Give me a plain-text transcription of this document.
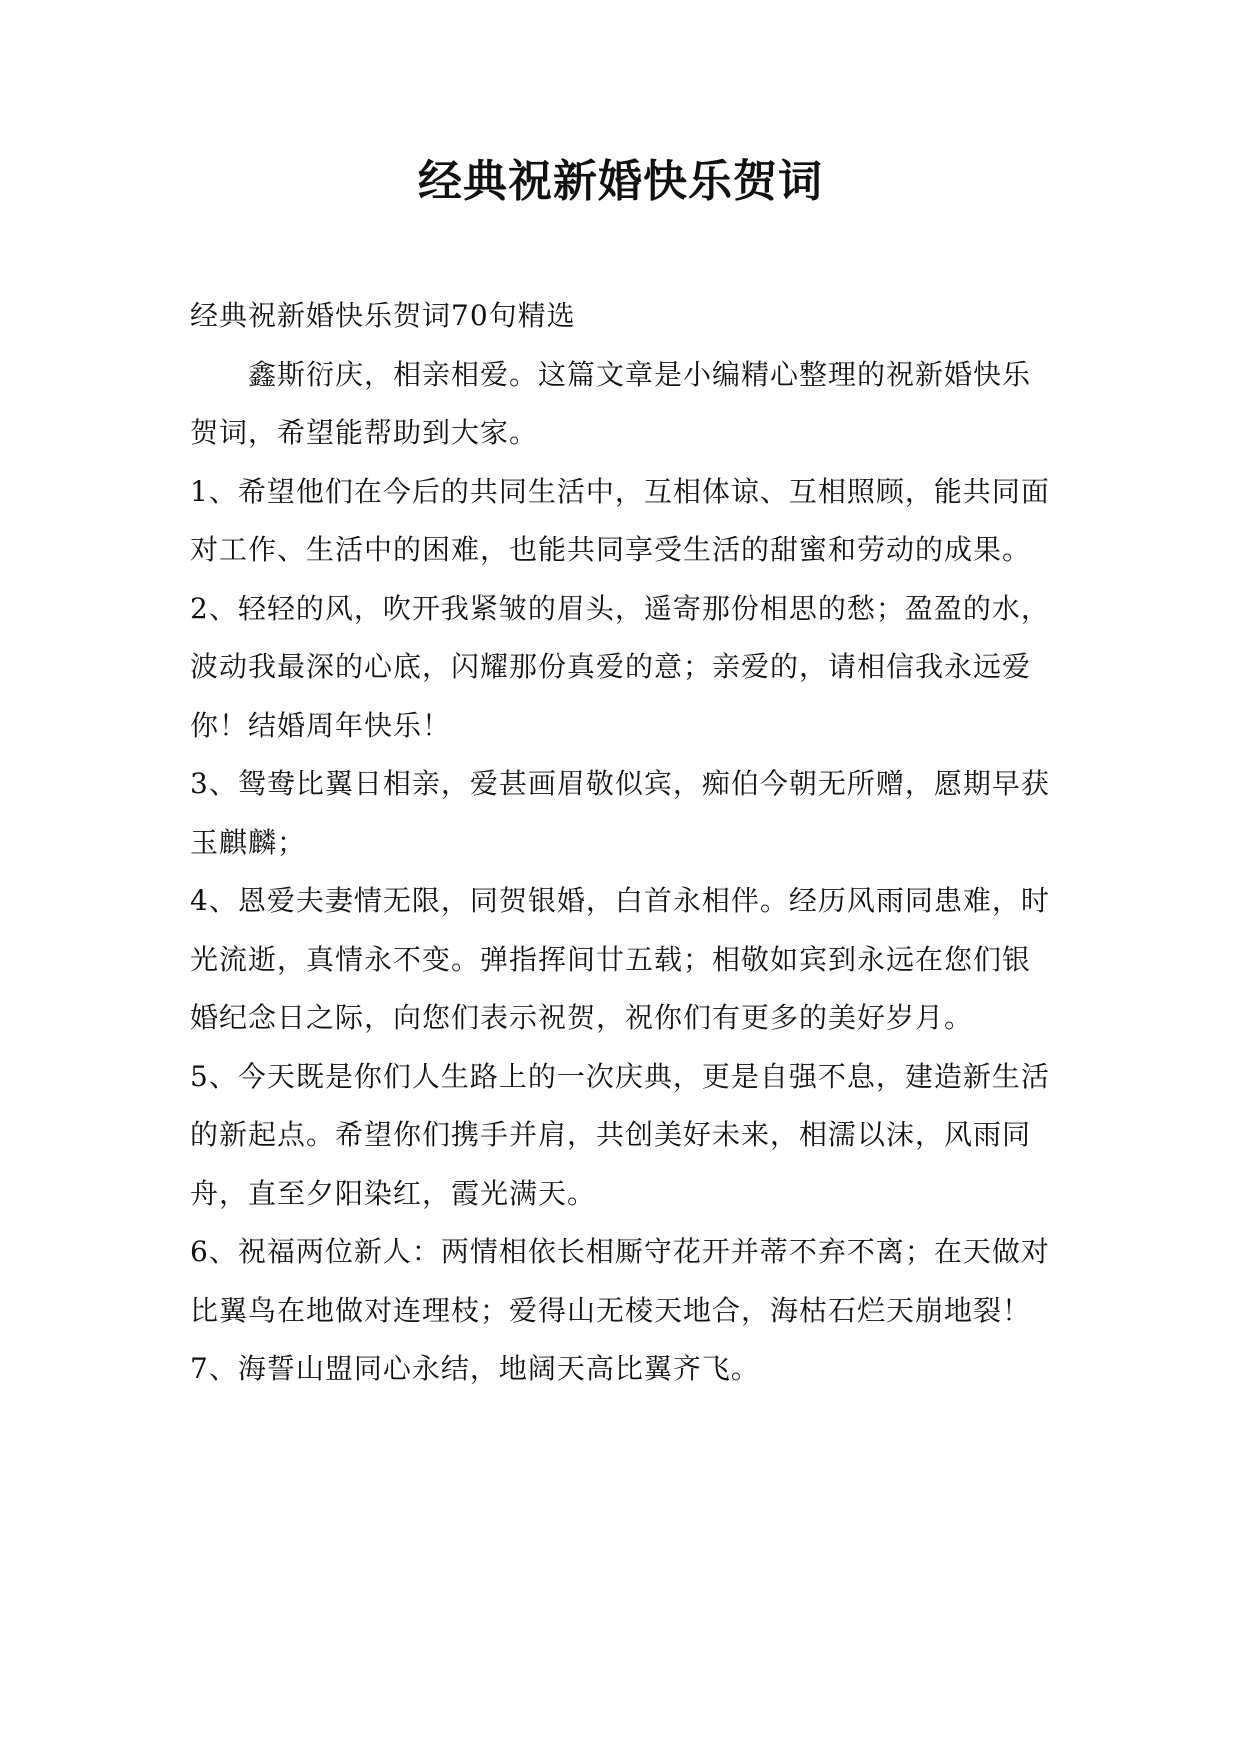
经典祝新婚快乐贺词

经典祝新婚快乐贺词70句精选

鑫斯衍庆，相亲相爱。这篇文章是小编精心整理的祝新婚快乐贺词，希望能帮助到大家。

1、希望他们在今后的共同生活中，互相体谅、互相照顾，能共同面对工作、生活中的困难，也能共同享受生活的甜蜜和劳动的成果。

2、轻轻的风，吹开我紧皱的眉头，遥寄那份相思的愁；盈盈的水，波动我最深的心底，闪耀那份真爱的意；亲爱的，请相信我永远爱你！结婚周年快乐！

3、鸳鸯比翼日相亲，爱甚画眉敬似宾，痴伯今朝无所赠，愿期早获玉麒麟；

4、恩爱夫妻情无限，同贺银婚，白首永相伴。经历风雨同患难，时光流逝，真情永不变。弹指挥间廿五载；相敬如宾到永远在您们银婚纪念日之际，向您们表示祝贺，祝你们有更多的美好岁月。

5、今天既是你们人生路上的一次庆典，更是自强不息，建造新生活的新起点。希望你们携手并肩，共创美好未来，相濡以沫，风雨同舟，直至夕阳染红，霞光满天。

6、祝福两位新人：两情相依长相厮守花开并蒂不弃不离；在天做对比翼鸟在地做对连理枝；爱得山无棱天地合，海枯石烂天崩地裂！

7、海誓山盟同心永结，地阔天高比翼齐飞。
